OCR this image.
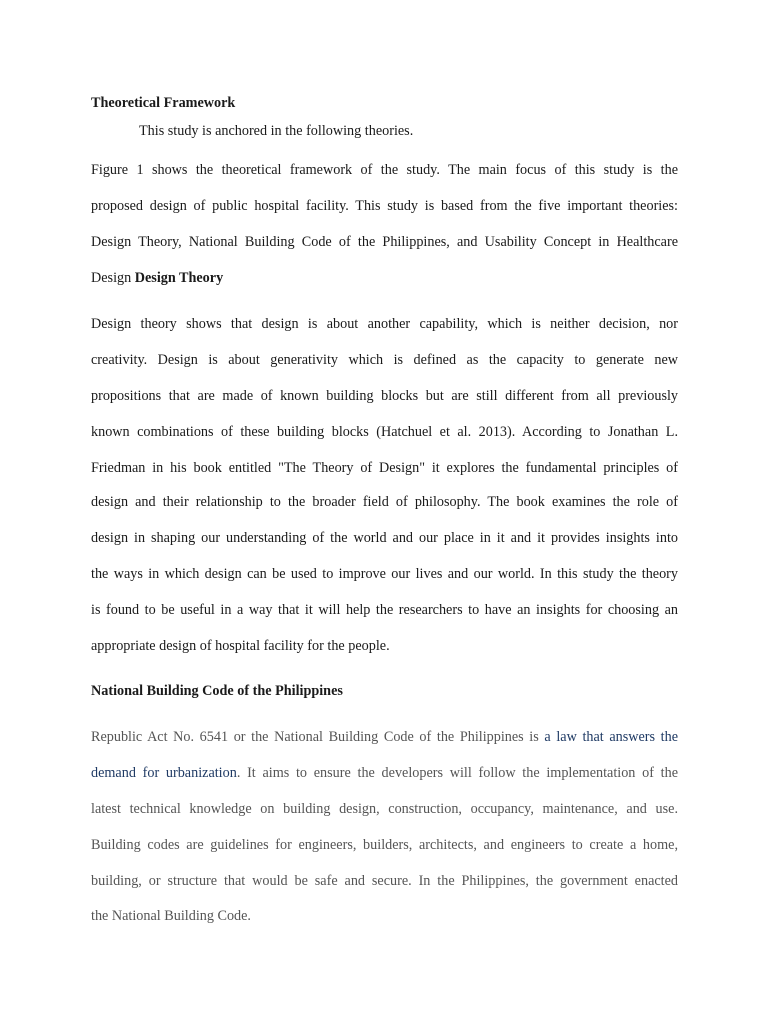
Theoretical Framework
This study is anchored in the following theories.
Figure 1 shows the theoretical framework of the study. The main focus of this study is the
proposed design of public hospital facility. This study is based from the five important theories:
Design Theory, National Building Code of the Philippines, and Usability Concept in Healthcare
Design Design Theory
Design theory shows that design is about another capability, which is neither decision, nor
creativity. Design is about generativity which is defined as the capacity to generate new
propositions that are made of known building blocks but are still different from all previously
known combinations of these building blocks (Hatchuel et al. 2013). According to Jonathan L.
Friedman in his book entitled "The Theory of Design" it explores the fundamental principles of
design and their relationship to the broader field of philosophy. The book examines the role of
design in shaping our understanding of the world and our place in it and it provides insights into
the ways in which design can be used to improve our lives and our world. In this study the theory
is found to be useful in a way that it will help the researchers to have an insights for choosing an
appropriate design of hospital facility for the people.
National Building Code of the Philippines
Republic Act No. 6541 or the National Building Code of the Philippines is a law that answers the
demand for urbanization. It aims to ensure the developers will follow the implementation of the
latest technical knowledge on building design, construction, occupancy, maintenance, and use.
Building codes are guidelines for engineers, builders, architects, and engineers to create a home,
building, or structure that would be safe and secure. In the Philippines, the government enacted
the National Building Code.
